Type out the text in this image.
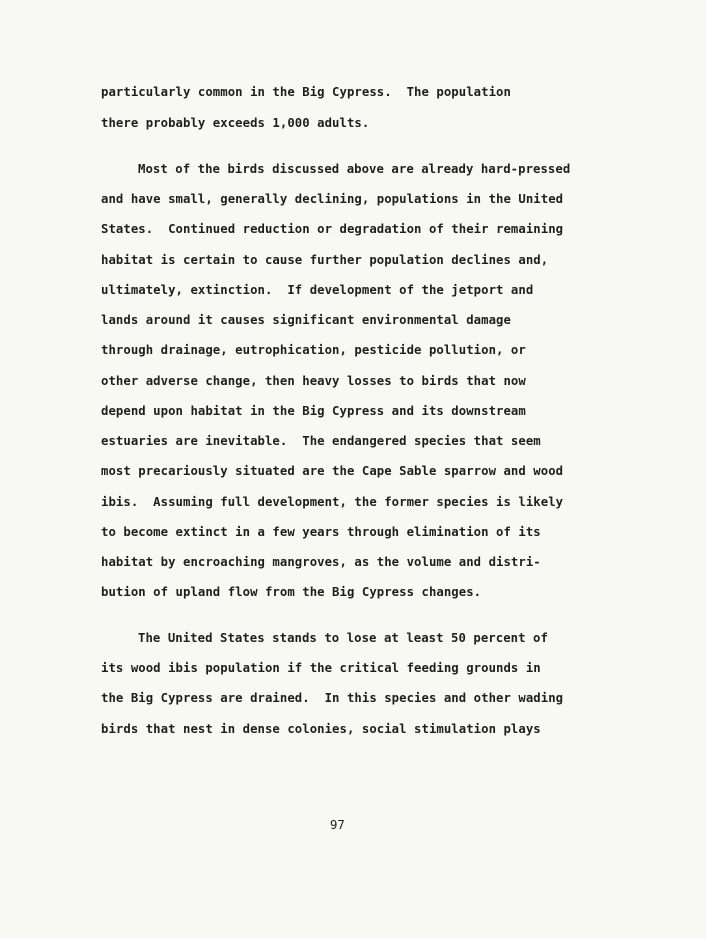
particularly common in the Big Cypress.  The population
there probably exceeds 1,000 adults.
Most of the birds discussed above are already hard-pressed
and have small, generally declining, populations in the United
States.  Continued reduction or degradation of their remaining
habitat is certain to cause further population declines and,
ultimately, extinction.  If development of the jetport and
lands around it causes significant environmental damage
through drainage, eutrophication, pesticide pollution, or
other adverse change, then heavy losses to birds that now
depend upon habitat in the Big Cypress and its downstream
estuaries are inevitable.  The endangered species that seem
most precariously situated are the Cape Sable sparrow and wood
ibis.  Assuming full development, the former species is likely
to become extinct in a few years through elimination of its
habitat by encroaching mangroves, as the volume and distri-
bution of upland flow from the Big Cypress changes.
The United States stands to lose at least 50 percent of
its wood ibis population if the critical feeding grounds in
the Big Cypress are drained.  In this species and other wading
birds that nest in dense colonies, social stimulation plays
97
